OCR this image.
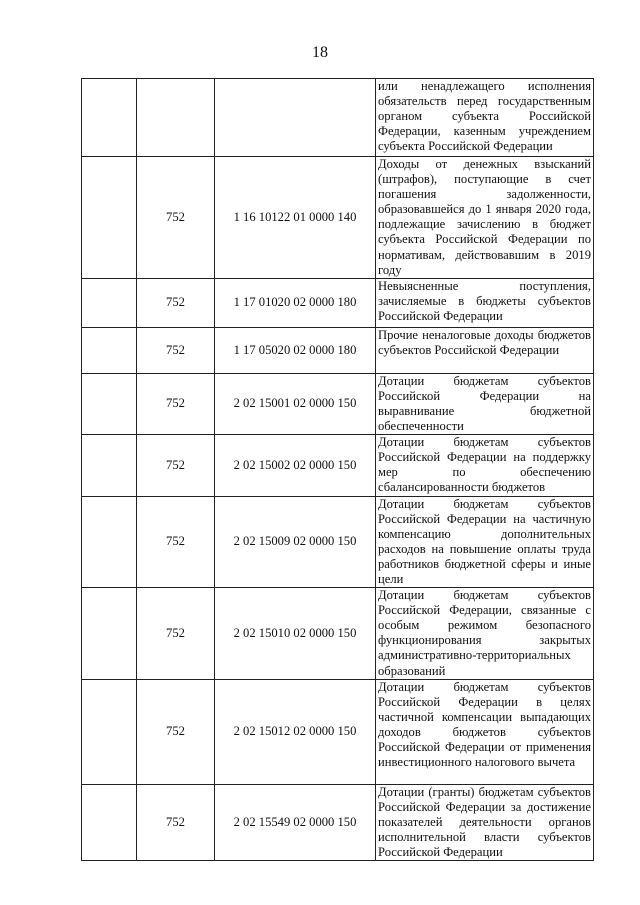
18
			или ненадлежащего исполнения обязательств перед государственным органом субъекта Российской Федерации, казенным учреждением субъекта Российской Федерации
	752	1 16 10122 01 0000 140	Доходы от денежных взысканий (штрафов), поступающие в счет погашения задолженности, образовавшейся до 1 января 2020 года, подлежащие зачислению в бюджет субъекта Российской Федерации по нормативам, действовавшим в 2019 году
	752	1 17 01020 02 0000 180	Невыясненные поступления, зачисляемые в бюджеты субъектов Российской Федерации
	752	1 17 05020 02 0000 180	Прочие неналоговые доходы бюджетов субъектов Российской Федерации
	752	2 02 15001 02 0000 150	Дотации бюджетам субъектов Российской Федерации на выравнивание бюджетной обеспеченности
	752	2 02 15002 02 0000 150	Дотации бюджетам субъектов Российской Федерации на поддержку мер по обеспечению сбалансированности бюджетов
	752	2 02 15009 02 0000 150	Дотации бюджетам субъектов Российской Федерации на частичную компенсацию дополнительных расходов на повышение оплаты труда работников бюджетной сферы и иные цели
	752	2 02 15010 02 0000 150	Дотации бюджетам субъектов Российской Федерации, связанные с особым режимом безопасного функционирования закрытых административно-территориальных образований
	752	2 02 15012 02 0000 150	Дотации бюджетам субъектов Российской Федерации в целях частичной компенсации выпадающих доходов бюджетов субъектов Российской Федерации от применения инвестиционного налогового вычета
	752	2 02 15549 02 0000 150	Дотации (гранты) бюджетам субъектов Российской Федерации за достижение показателей деятельности органов исполнительной власти субъектов Российской Федерации
